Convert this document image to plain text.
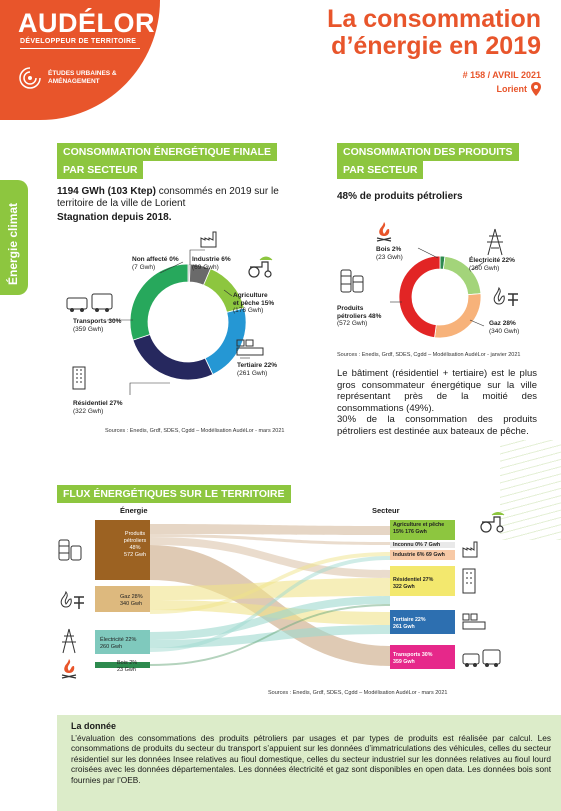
AUDÉLOR
DÉVELOPPEUR DE TERRITOIRE
ÉTUDES URBAINES & AMÉNAGEMENT
La consommation
d’énergie en 2019
# 158 / AVRIL 2021
Lorient
Énergie climat
CONSOMMATION ÉNERGÉTIQUE FINALE
PAR SECTEUR
1194 GWh (103 Ktep) consommés en 2019 sur le territoire de la ville de Lorient
Stagnation depuis 2018.
Non affecté 0%
(7 Gwh)
Industrie 6%
(69 Gwh)
Agriculture
et pêche 15%
(176 Gwh)
Tertiaire 22%
(261 Gwh)
Résidentiel 27%
(322 Gwh)
Transports 30%
(359 Gwh)
Sources : Enedis, Grdf, SDES, Cgdd – Modélisation AudéLor - mars 2021
CONSOMMATION DES PRODUITS
PAR SECTEUR
48% de produits pétroliers
Bois 2%
(23 Gwh)	Électricité 22%
(260 Gwh)
Gaz 28%
(340 Gwh)
Produits
pétroliers 48%
(572 Gwh)
Sources : Enedis, Grdf, SDES, Cgdd – Modélisation AudéLor - janvier 2021

Le bâtiment (résidentiel + tertiaire) est le plus gros consommateur énergétique sur la ville représentant près de la moitié des consommations (49%).

30% de la consommation des produits pétroliers est destinée aux bateaux de pêche.

FLUX ÉNERGÉTIQUES SUR LE TERRITOIRE
Énergie	Secteur
Produits
pétroliers 48%
572 Gwh
Gaz 28%
340 Gwh
Électricité 22%
260 Gwh
Bois 2%
23 Gwh
Agriculture et pêche
15% 176 Gwh
Inconnu 0% 7 Gwh
Industrie 6% 69 Gwh
Résidentiel 27%
322 Gwh
Tertiaire 22%
261 Gwh
Transports 30%
359 Gwh
Sources : Enedis, Grdf, SDES, Cgdd – Modélisation AudéLor - mars 2021
La donnée
L’évaluation des consommations des produits pétroliers par usages et par types de produits est réalisée par calcul. Les consommations de produits du secteur du transport s’appuient sur les données d’immatriculations des véhicules, celles du secteur résidentiel sur les données Insee relatives au fioul domestique, celles du secteur industriel sur les données relatives au fioul lourd croisées avec les données départementales. Les données électricité et gaz sont disponibles en open data. Les données bois sont fournies par l’OEB.
